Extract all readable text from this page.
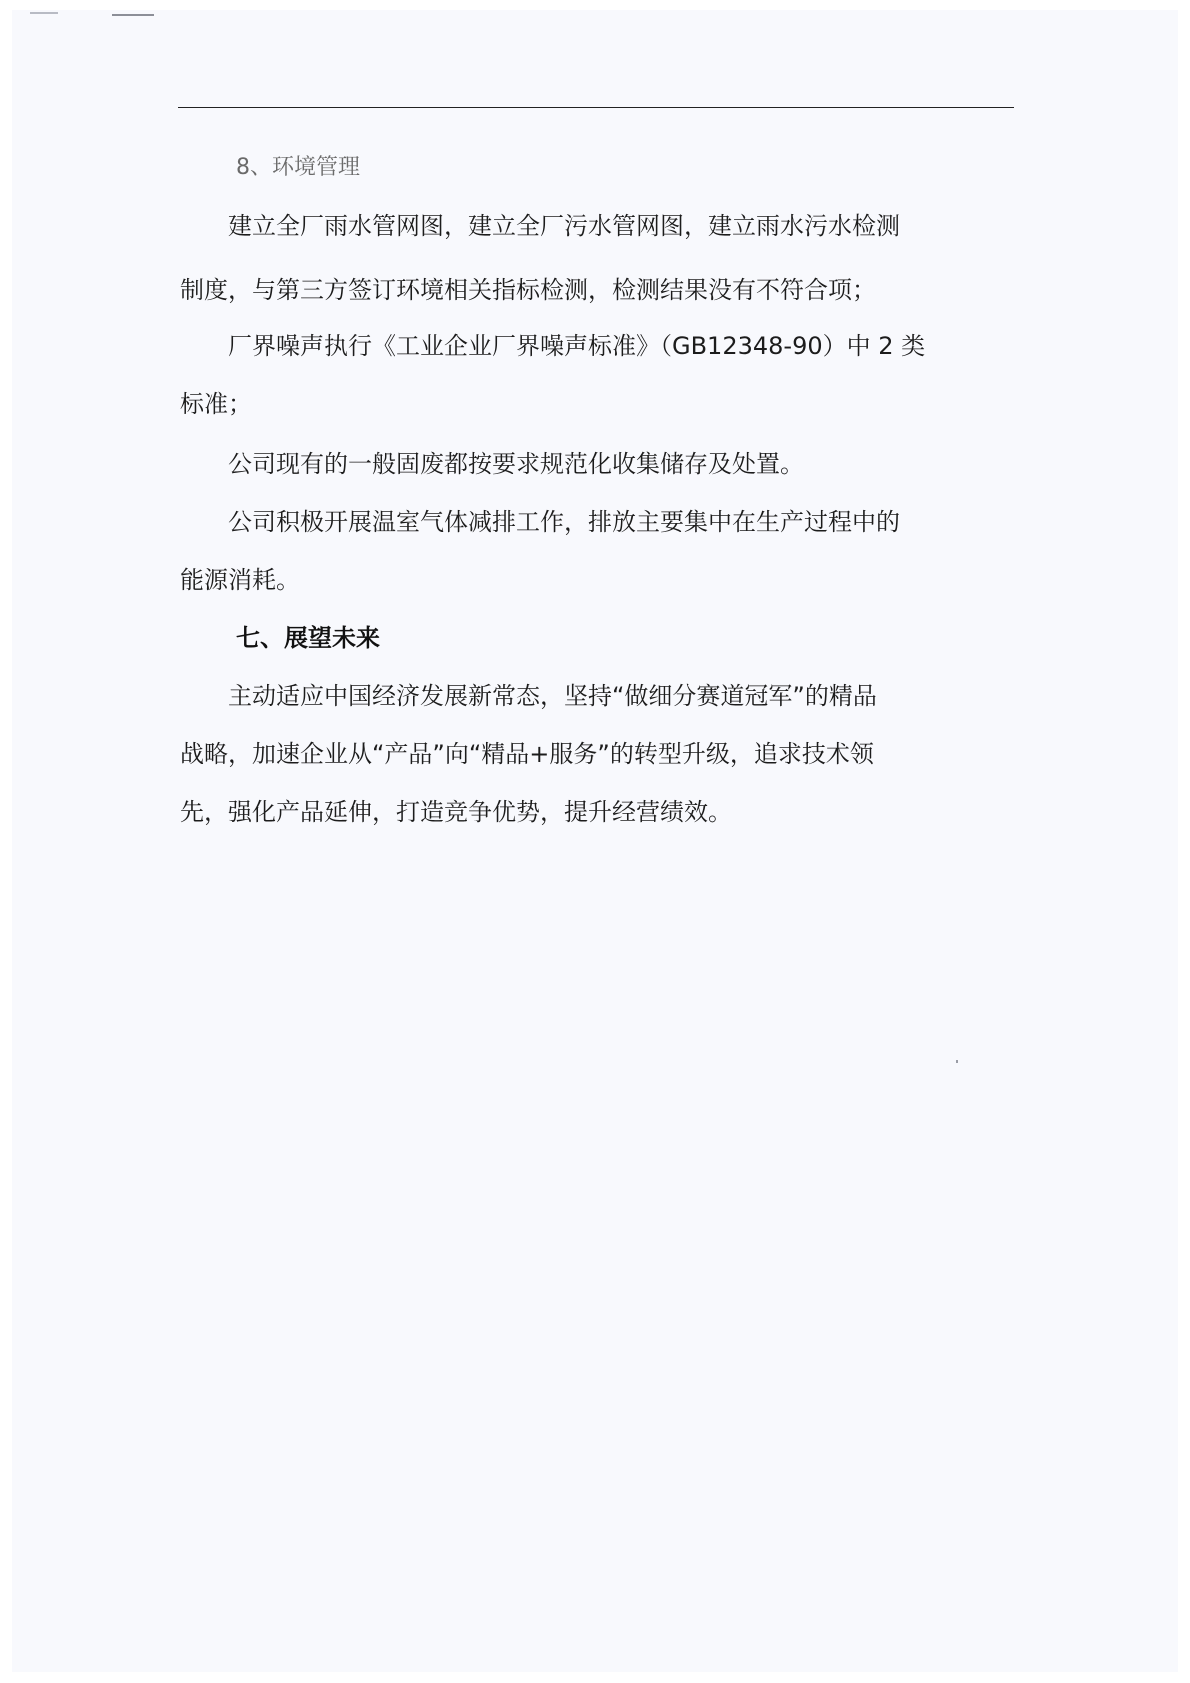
8、环境管理

　　建立全厂雨水管网图，建立全厂污水管网图，建立雨水污水检测

制度，与第三方签订环境相关指标检测，检测结果没有不符合项；

　　厂界噪声执行《工业企业厂界噪声标准》（GB12348-90）中 2 类

标准；

　　公司现有的一般固废都按要求规范化收集储存及处置。

　　公司积极开展温室气体减排工作，排放主要集中在生产过程中的

能源消耗。

七、展望未来

　　主动适应中国经济发展新常态，坚持“做细分赛道冠军”的精品

战略，加速企业从“产品”向“精品+服务”的转型升级，追求技术领

先，强化产品延伸，打造竞争优势，提升经营绩效。
